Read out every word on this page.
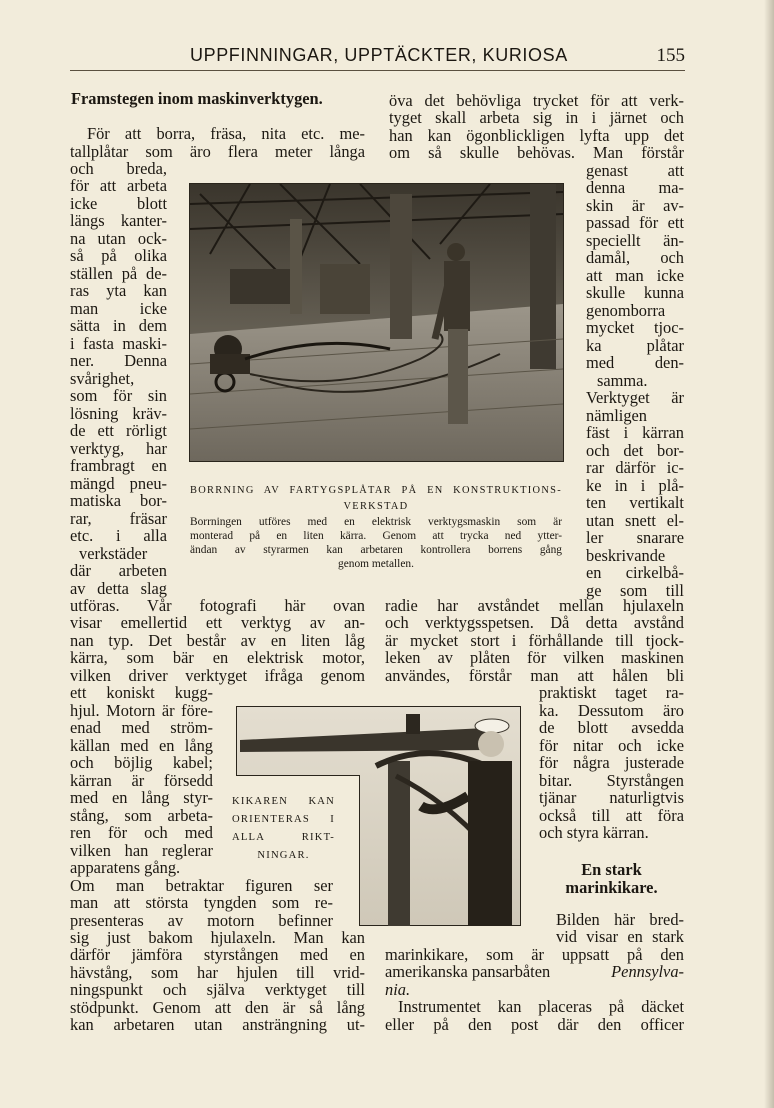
UPPFINNINGAR, UPPTÄCKTER, KURIOSA	155
Framstegen inom maskinverktygen.
För att borra, fräsa, nita etc. me-
tallplåtar som äro flera meter långa
och breda,
för att arbeta
icke blott
längs kanter-
na utan ock-
så på olika
ställen på de-
ras yta kan
man icke
sätta in dem
i fasta maski-
ner. Denna
svårighet,
som för sin
lösning kräv-
de ett rörligt
verktyg, har
frambragt en
mängd pneu-
matiska bor-
rar, fräsar
etc. i alla
verkstäder
där arbeten
av detta slag
utföras. Vår fotografi här ovan
visar emellertid ett verktyg av an-
nan typ. Det består av en liten låg
kärra, som bär en elektrisk motor,
vilken driver verktyget ifråga genom
ett koniskt kugg-
hjul. Motorn är före-
enad med ström-
källan med en lång
och böjlig kabel;
kärran är försedd
med en lång styr-
stång, som arbeta-
ren för och med
vilken han reglerar
apparatens gång.
Om man betraktar figuren ser
man att största tyngden som re-
presenteras av motorn befinner
sig just bakom hjulaxeln. Man kan
därför jämföra styrstången med en
hävstång, som har hjulen till vrid-
ningspunkt och själva verktyget till
stödpunkt. Genom att den är så lång
kan arbetaren utan ansträngning ut-
öva det behövliga trycket för att verk-
tyget skall arbeta sig in i järnet och
han kan ögonblickligen lyfta upp det
om så skulle behövas. Man förstår
genast att
denna ma-
skin är av-
passad för ett
speciellt än-
damål, och
att man icke
skulle kunna
genomborra
mycket tjoc-
ka plåtar
med den-
samma.
Verktyget är
nämligen
fäst i kärran
och det bor-
rar därför ic-
ke in i plå-
ten vertikalt
utan snett el-
ler snarare
beskrivande
en cirkelbå-
ge som till
radie har avståndet mellan hjulaxeln
och verktygsspetsen. Då detta avstånd
är mycket stort i förhållande till tjock-
leken av plåten för vilken maskinen
användes, förstår man att hålen bli
praktiskt taget ra-
ka. Dessutom äro
de blott avsedda
för nitar och icke
för några justerade
bitar. Styrstången
tjänar naturligtvis
också till att föra
och styra kärran.
BORRNING AV FARTYGSPLÅTAR PÅ EN KONSTRUKTIONS-
VERKSTAD
Borrningen utföres med en elektrisk verktygsmaskin som är
monterad på en liten kärra. Genom att trycka ned ytter-
ändan av styrarmen kan arbetaren kontrollera borrens gång
genom metallen.
KIKAREN KAN
ORIENTERAS I
ALLA RIKT-
NINGAR.
En stark
marinkikare.
Bilden här bred-
vid visar en stark
marinkikare, som är uppsatt på den
amerikanska pansarbåten	Pennsylva-
nia.
Instrumentet kan placeras på däcket
eller på den post där den officer
